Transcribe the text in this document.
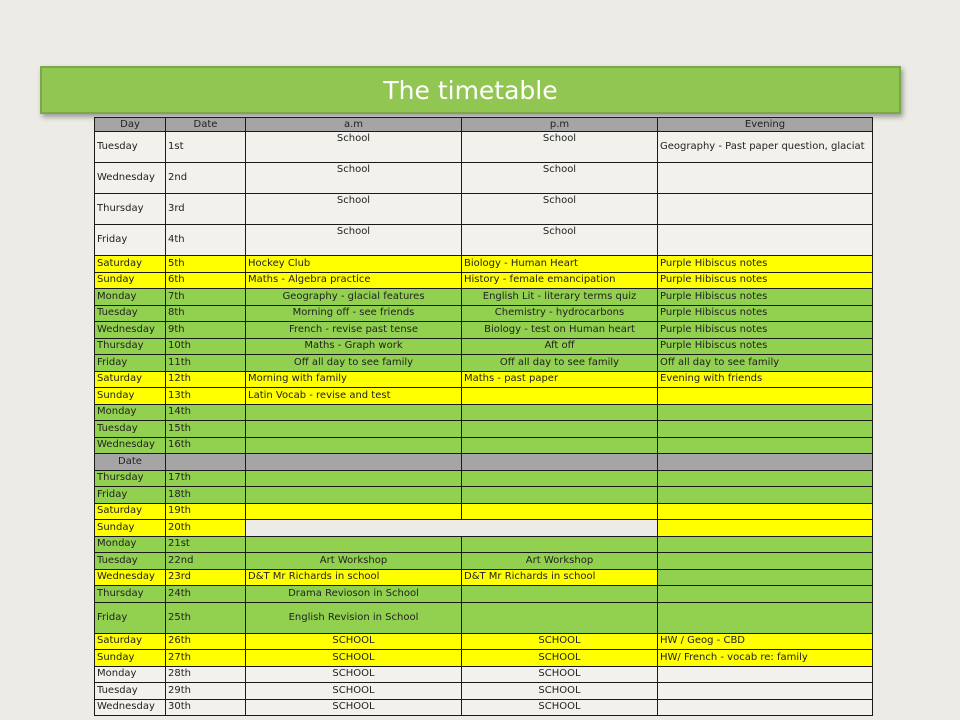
The timetable
Day	Date	a.m	p.m	Evening
Tuesday	1st	School	School	Geography - Past paper question, glaciat
Wednesday	2nd	School	School	
Thursday	3rd	School	School	
Friday	4th	School	School	
Saturday	5th	Hockey Club	Biology - Human Heart	Purple Hibiscus notes
Sunday	6th	Maths - Algebra practice	History - female emancipation	Purple Hibiscus notes
Monday	7th	Geography - glacial features	English Lit - literary terms quiz	Purple Hibiscus notes
Tuesday	8th	Morning off - see friends	Chemistry - hydrocarbons	Purple Hibiscus notes
Wednesday	9th	French - revise past tense	Biology - test on Human heart	Purple Hibiscus notes
Thursday	10th	Maths - Graph work	Aft off	Purple Hibiscus notes
Friday	11th	Off all day to see family	Off all day to see family	Off all day to see family
Saturday	12th	Morning with family	Maths - past paper	Evening with friends
Sunday	13th	Latin Vocab - revise and test		
Monday	14th			
Tuesday	15th			
Wednesday	16th			
Date				
Thursday	17th			
Friday	18th			
Saturday	19th			
Sunday	20th			
Monday	21st			
Tuesday	22nd	Art Workshop	Art Workshop	
Wednesday	23rd	D&T Mr Richards in school	D&T Mr Richards in school	
Thursday	24th	Drama Revioson in School		
Friday	25th	English Revision in School		
Saturday	26th	SCHOOL	SCHOOL	HW / Geog - CBD
Sunday	27th	SCHOOL	SCHOOL	HW/ French - vocab re: family
Monday	28th	SCHOOL	SCHOOL	
Tuesday	29th	SCHOOL	SCHOOL	
Wednesday	30th	SCHOOL	SCHOOL	
